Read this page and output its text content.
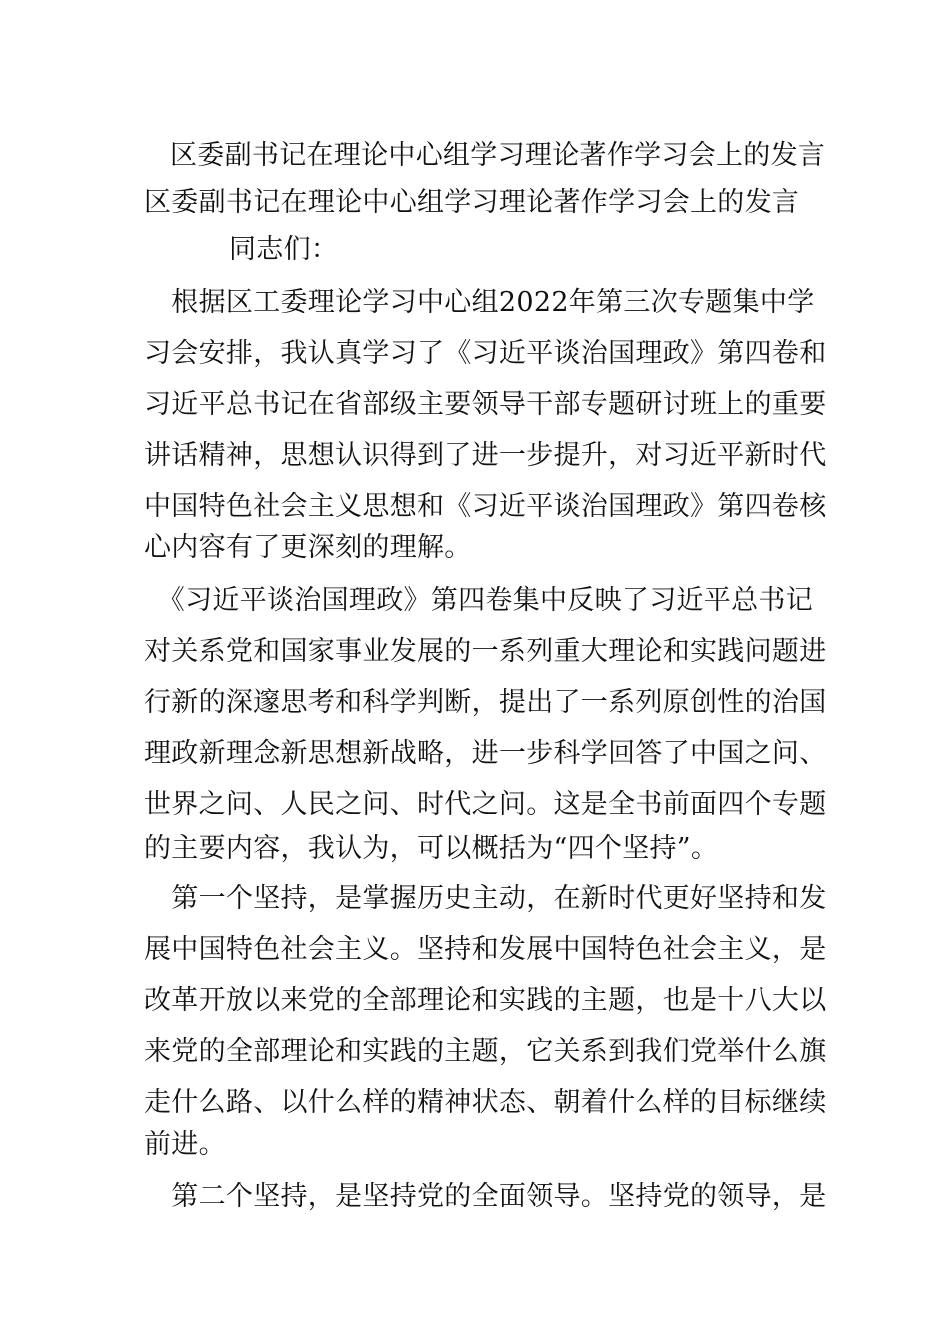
区委副书记在理论中心组学习理论著作学习会上的发言
区委副书记在理论中心组学习理论著作学习会上的发言
同志们：
　根据区工委理论学习中心组2022年第三次专题集中学
习会安排，我认真学习了《习近平谈治国理政》第四卷和
习近平总书记在省部级主要领导干部专题研讨班上的重要
讲话精神，思想认识得到了进一步提升，对习近平新时代
中国特色社会主义思想和《习近平谈治国理政》第四卷核
心内容有了更深刻的理解。
　《习近平谈治国理政》第四卷集中反映了习近平总书记
对关系党和国家事业发展的一系列重大理论和实践问题进
行新的深邃思考和科学判断，提出了一系列原创性的治国
理政新理念新思想新战略，进一步科学回答了中国之问、
世界之问、人民之问、时代之问。这是全书前面四个专题
的主要内容，我认为，可以概括为“四个坚持”。
　第一个坚持，是掌握历史主动，在新时代更好坚持和发
展中国特色社会主义。坚持和发展中国特色社会主义，是
改革开放以来党的全部理论和实践的主题，也是十八大以
来党的全部理论和实践的主题，它关系到我们党举什么旗
走什么路、以什么样的精神状态、朝着什么样的目标继续
前进。
　第二个坚持，是坚持党的全面领导。坚持党的领导，是
